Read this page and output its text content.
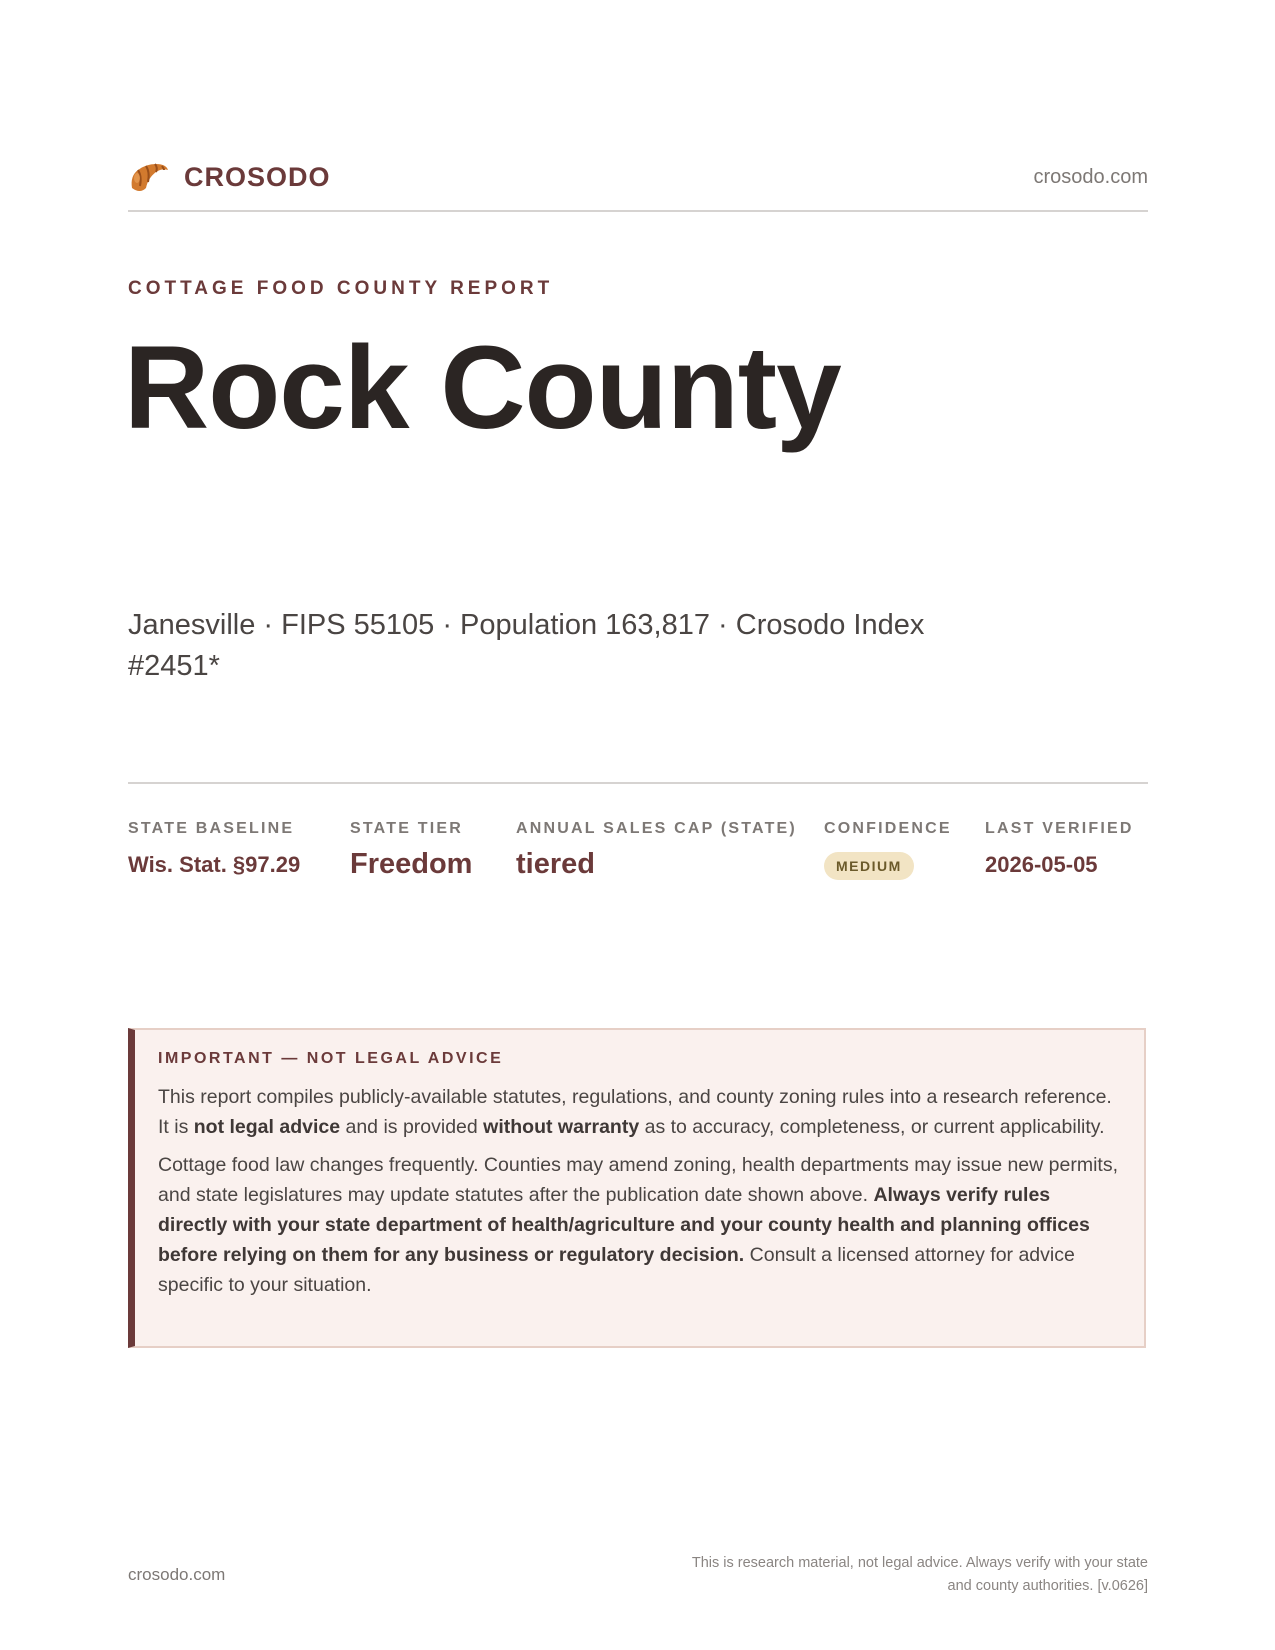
CROSODO	crosodo.com
COTTAGE FOOD COUNTY REPORT
Rock County
Janesville · FIPS 55105 · Population 163,817 · Crosodo Index #2451*
STATE BASELINE
Wis. Stat. §97.29
STATE TIER
Freedom
ANNUAL SALES CAP (STATE)
tiered
CONFIDENCE
MEDIUM
LAST VERIFIED
2026-05-05
IMPORTANT — NOT LEGAL ADVICE

This report compiles publicly-available statutes, regulations, and county zoning rules into a research reference. It is not legal advice and is provided without warranty as to accuracy, completeness, or current applicability.

Cottage food law changes frequently. Counties may amend zoning, health departments may issue new permits, and state legislatures may update statutes after the publication date shown above. Always verify rules directly with your state department of health/agriculture and your county health and planning offices before relying on them for any business or regulatory decision. Consult a licensed attorney for advice specific to your situation.

crosodo.com
This is research material, not legal advice. Always verify with your state
and county authorities. [v.0626]
